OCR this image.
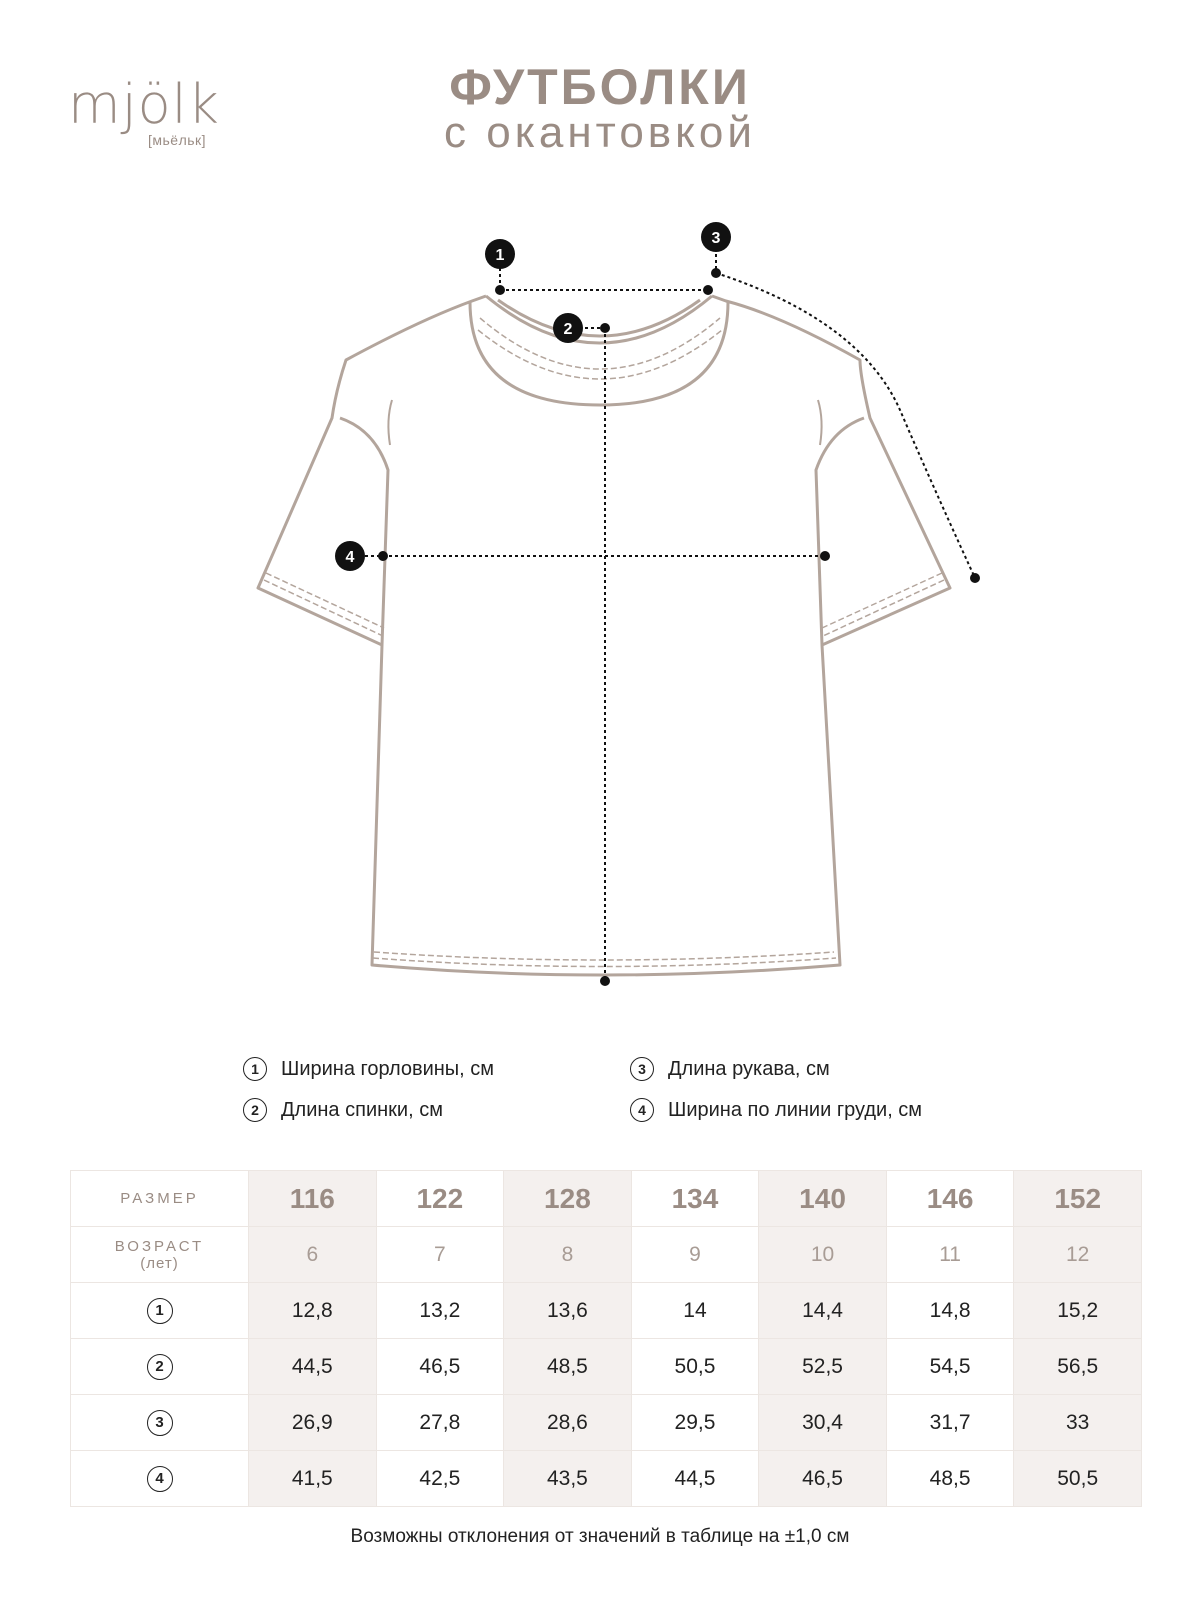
mjölk
[мьёльк]
ФУТБОЛКИ
с окантовкой
1
2
3
4
1	Ширина горловины, см
2	Длина спинки, см
3	Длина рукава, см
4	Ширина по линии груди, см
РАЗМЕР	116	122	128	134	140	146	152
ВОЗРАСТ
(лет)	6	7	8	9	10	11	12
1	12,8	13,2	13,6	14	14,4	14,8	15,2
2	44,5	46,5	48,5	50,5	52,5	54,5	56,5
3	26,9	27,8	28,6	29,5	30,4	31,7	33
4	41,5	42,5	43,5	44,5	46,5	48,5	50,5
Возможны отклонения от значений в таблице на ±1,0 см
